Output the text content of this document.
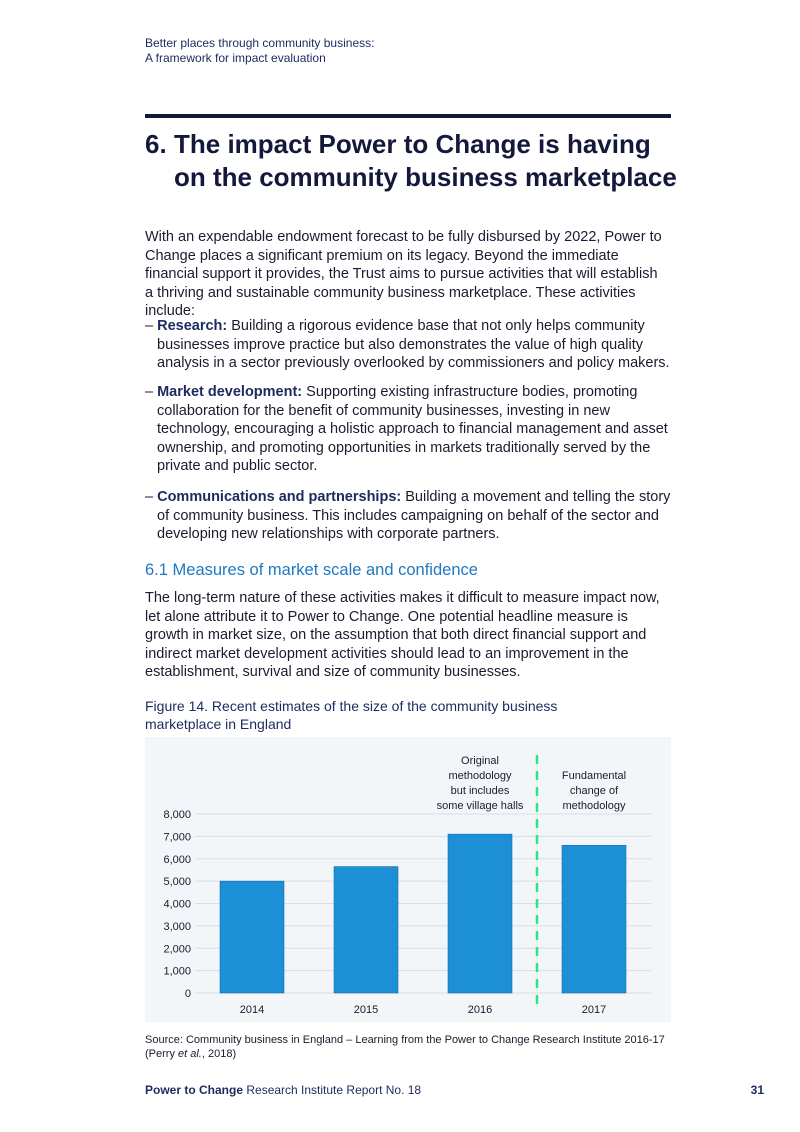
Better places through community business:
A framework for impact evaluation
6. The impact Power to Change is having
on the community business marketplace

With an expendable endowment forecast to be fully disbursed by 2022, Power to Change places a significant premium on its legacy. Beyond the immediate financial support it provides, the Trust aims to pursue activities that will establish a thriving and sustainable community business marketplace. These activities include:

– Research: Building a rigorous evidence base that not only helps community businesses improve practice but also demonstrates the value of high quality analysis in a sector previously overlooked by commissioners and policy makers.

– Market development: Supporting existing infrastructure bodies, promoting collaboration for the benefit of community businesses, investing in new technology, encouraging a holistic approach to financial management and asset ownership, and promoting opportunities in markets traditionally served by the private and public sector.

– Communications and partnerships: Building a movement and telling the story of community business. This includes campaigning on behalf of the sector and developing new relationships with corporate partners.

6.1 Measures of market scale and confidence

The long-term nature of these activities makes it difficult to measure impact now, let alone attribute it to Power to Change. One potential headline measure is growth in market size, on the assumption that both direct financial support and indirect market development activities should lead to an improvement in the establishment, survival and size of community businesses.

Figure 14. Recent estimates of the size of the community business
marketplace in England
0
1,000
2,000
3,000
4,000
5,000
6,000
7,000
8,000
2014	2015	2016	2017
Original
methodology
but includes
some village halls
Fundamental
change of
methodology
Source: Community business in England – Learning from the Power to Change Research Institute 2016-17 (Perry et al., 2018)
Power to Change Research Institute Report No. 18	31
